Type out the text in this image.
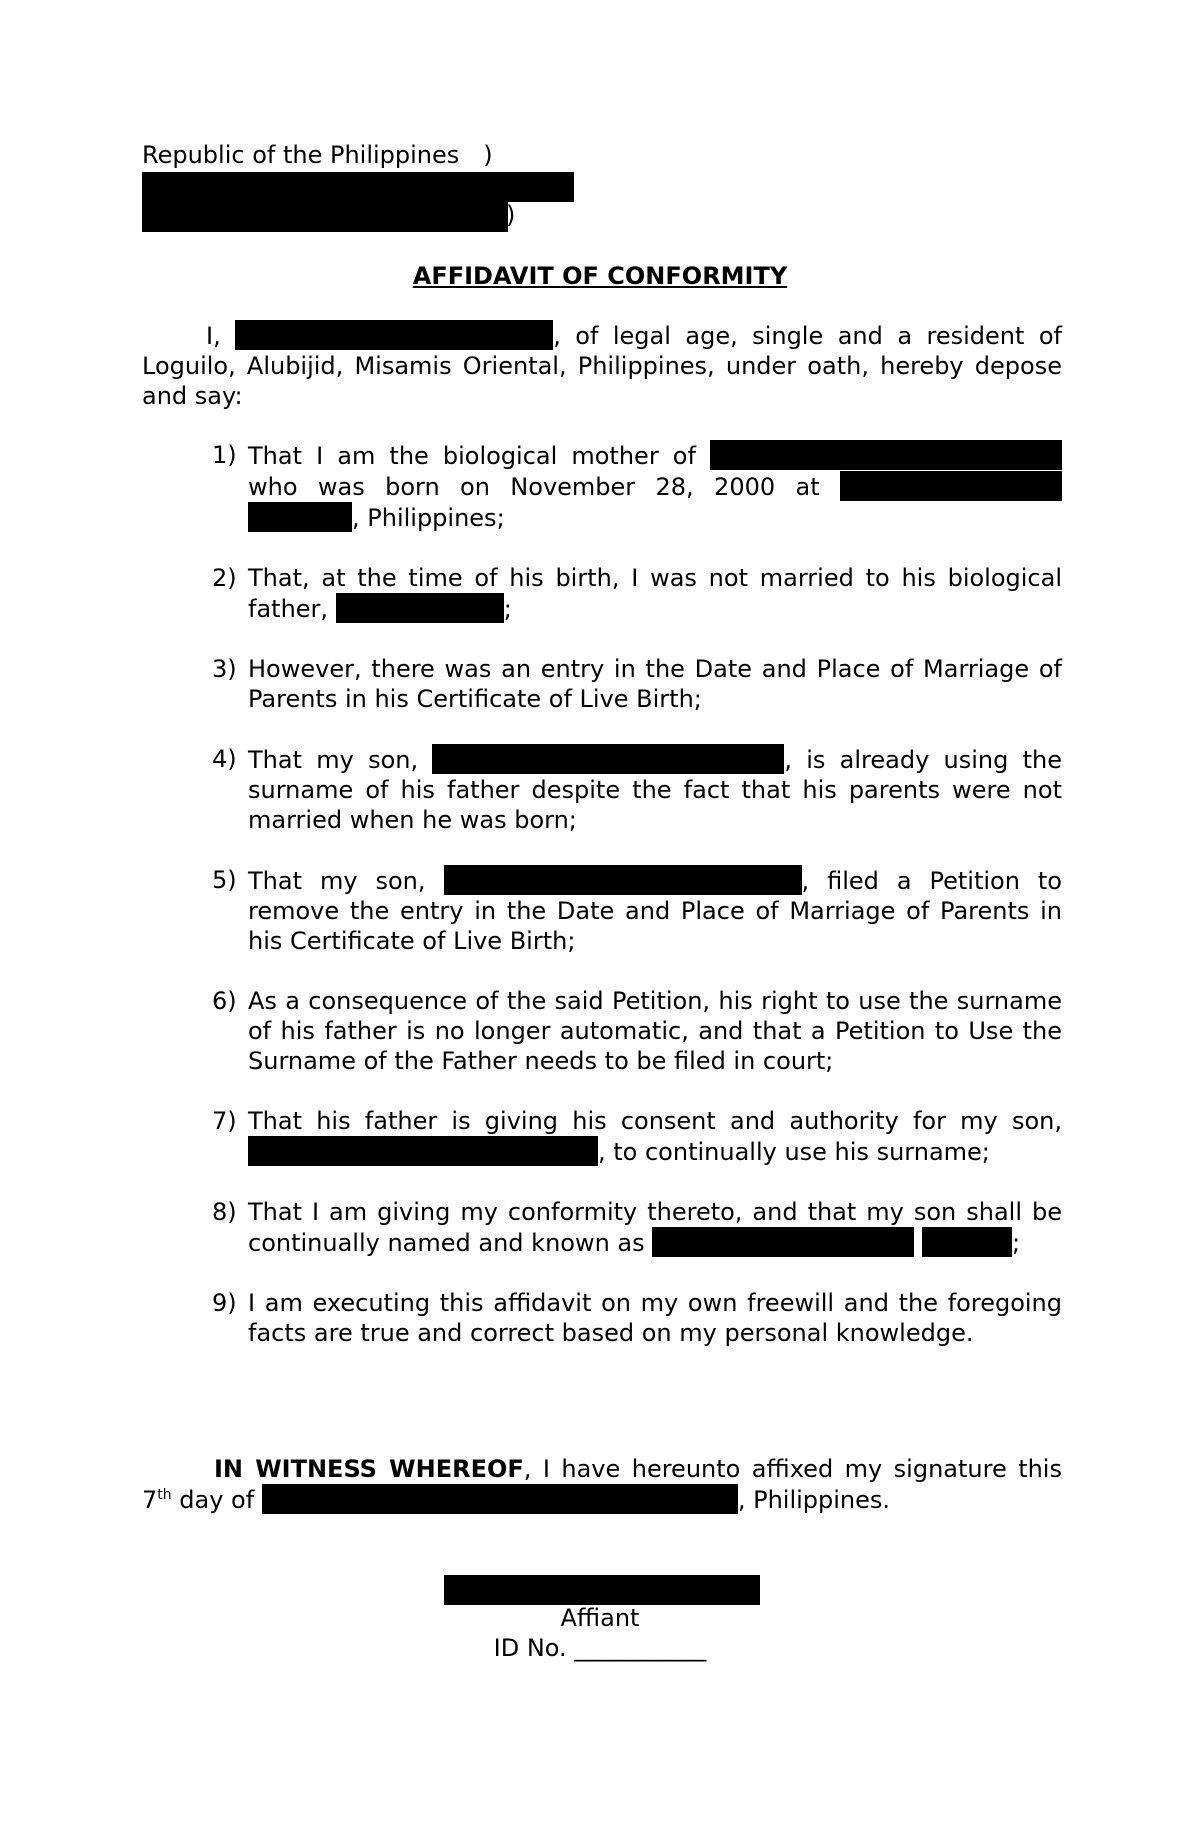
Republic of the Philippines )
)
AFFIDAVIT OF CONFORMITY
I,	, of legal age, single and a resident of Loguilo, Alubijid, Misamis Oriental, Philippines, under oath, hereby depose and say:
1) That I am the biological mother of  who was born on November 28, 2000 at  , Philippines;
2) That, at the time of his birth, I was not married to his biological father,	;
3) However, there was an entry in the Date and Place of Marriage of Parents in his Certificate of Live Birth;
4) That my son,	, is already using the surname of his father despite the fact that his parents were not married when he was born;
5) That my son,	, filed a Petition to remove the entry in the Date and Place of Marriage of Parents in his Certificate of Live Birth;
6) As a consequence of the said Petition, his right to use the surname of his father is no longer automatic, and that a Petition to Use the Surname of the Father needs to be filed in court;
7) That his father is giving his consent and authority for my son, , to continually use his surname;
8) That I am giving my conformity thereto, and that my son shall be continually named and known as	;
9) I am executing this affidavit on my own freewill and the foregoing facts are true and correct based on my personal knowledge.
IN WITNESS WHEREOF, I have hereunto affixed my signature this 7th day of	, Philippines.
Affiant
ID No. ___________
